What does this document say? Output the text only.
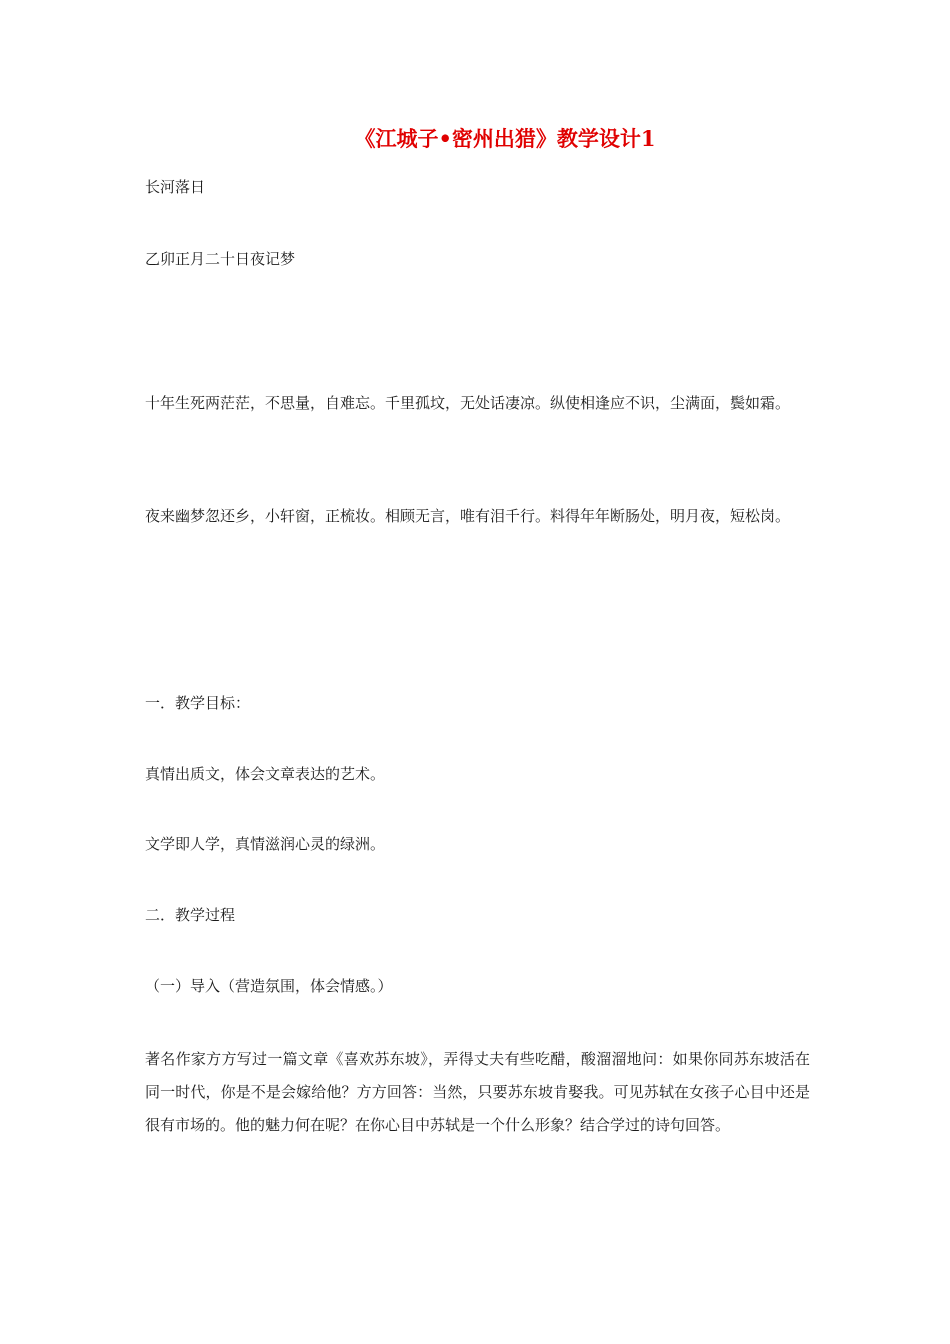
《江城子•密州出猎》教学设计1
长河落日
乙卯正月二十日夜记梦
十年生死两茫茫，不思量，自难忘。千里孤坟，无处话凄凉。纵使相逢应不识，尘满面，鬓如霜。
夜来幽梦忽还乡，小轩窗，正梳妆。相顾无言，唯有泪千行。料得年年断肠处，明月夜，短松岗。
一．教学目标：
真情出质文，体会文章表达的艺术。
文学即人学，真情滋润心灵的绿洲。
二．教学过程
（一）导入（营造氛围，体会情感。）
著名作家方方写过一篇文章《喜欢苏东坡》，弄得丈夫有些吃醋，酸溜溜地问：如果你同苏东坡活在同一时代，你是不是会嫁给他？方方回答：当然，只要苏东坡肯娶我。可见苏轼在女孩子心目中还是很有市场的。他的魅力何在呢？在你心目中苏轼是一个什么形象？结合学过的诗句回答。
